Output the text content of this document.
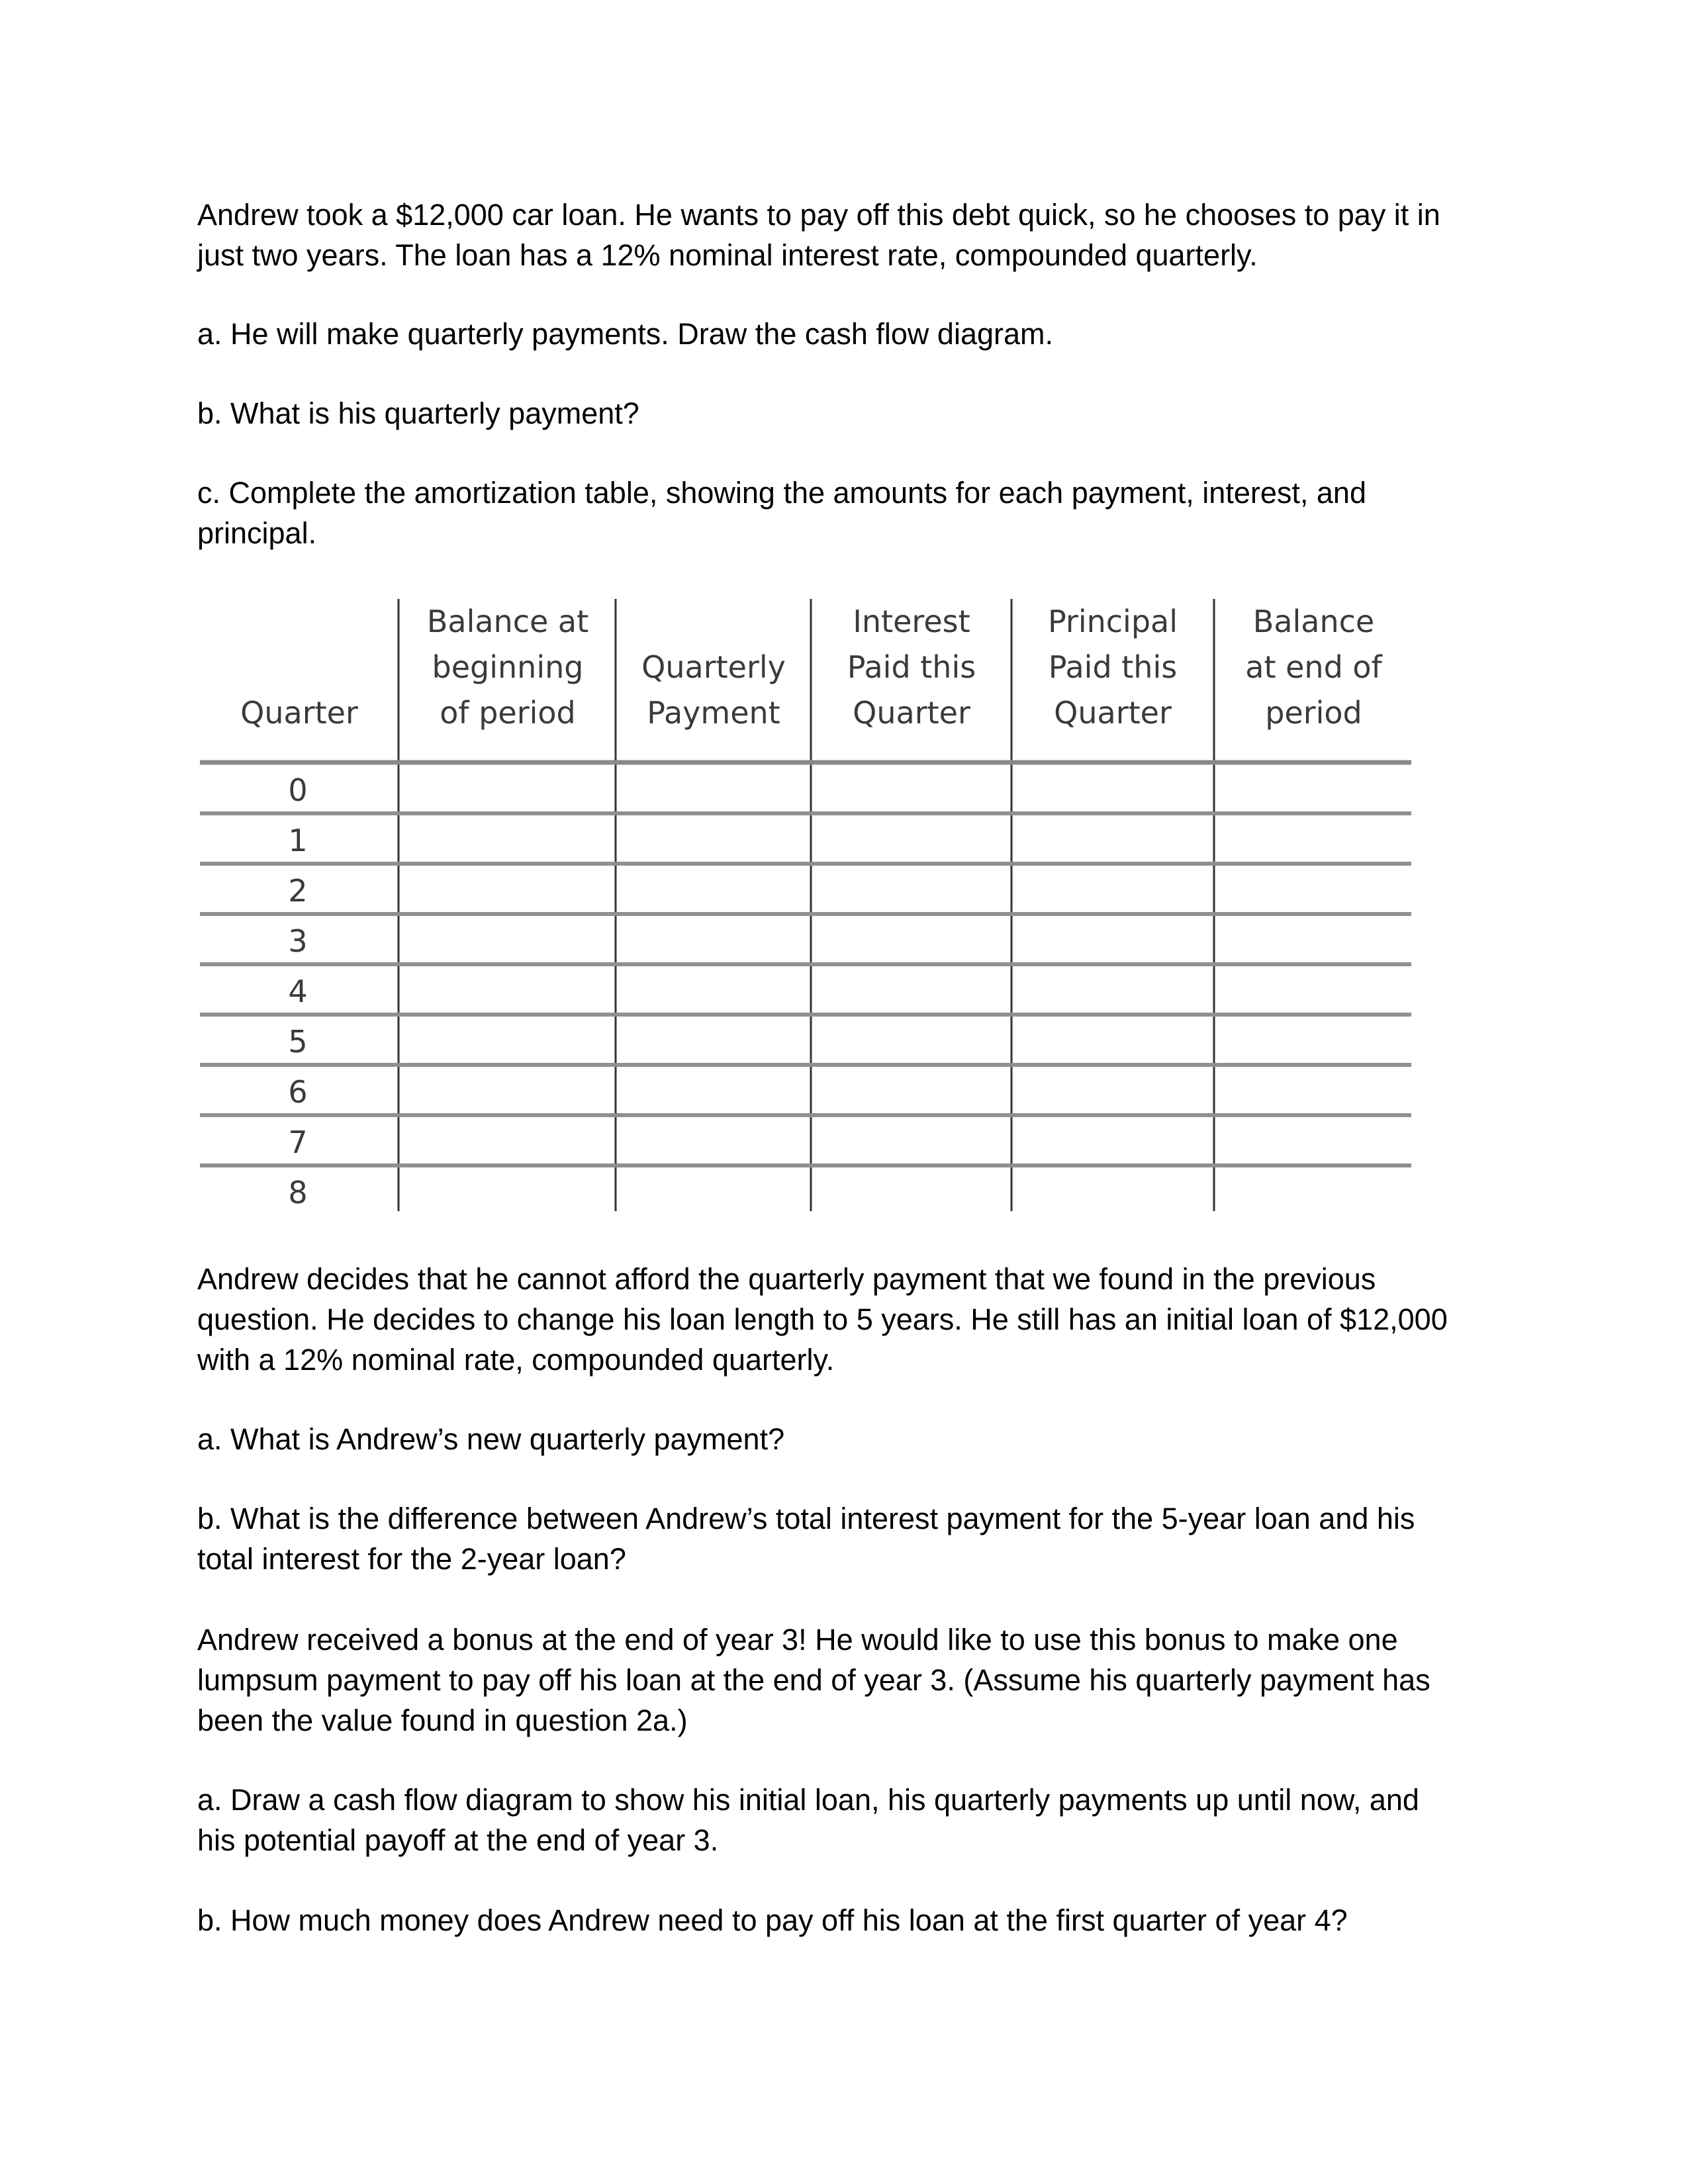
Andrew took a $12,000 car loan. He wants to pay off this debt quick, so he chooses to pay it in
just two years. The loan has a 12% nominal interest rate, compounded quarterly.

a. He will make quarterly payments. Draw the cash flow diagram.

b. What is his quarterly payment?

c. Complete the amortization table, showing the amounts for each payment, interest, and
principal.

Quarter
Balance at
beginning
of period
Quarterly
Payment
Interest
Paid this
Quarter
Principal
Paid this
Quarter
Balance
at end of
period
0
1
2
3
4
5
6
7
8

Andrew decides that he cannot afford the quarterly payment that we found in the previous
question. He decides to change his loan length to 5 years. He still has an initial loan of $12,000
with a 12% nominal rate, compounded quarterly.

a. What is Andrew’s new quarterly payment?

b. What is the difference between Andrew’s total interest payment for the 5-year loan and his
total interest for the 2-year loan?

Andrew received a bonus at the end of year 3! He would like to use this bonus to make one
lumpsum payment to pay off his loan at the end of year 3. (Assume his quarterly payment has
been the value found in question 2a.)

a. Draw a cash flow diagram to show his initial loan, his quarterly payments up until now, and
his potential payoff at the end of year 3.

b. How much money does Andrew need to pay off his loan at the first quarter of year 4?
